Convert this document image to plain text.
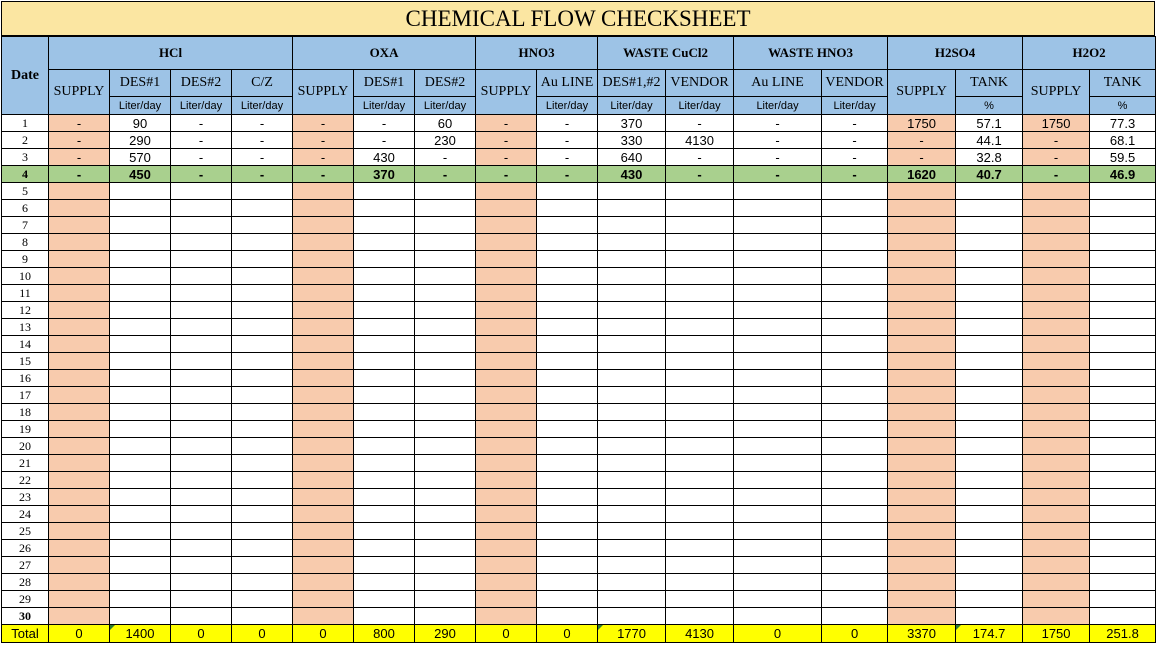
CHEMICAL FLOW CHECKSHEET
Date	HCl				OXA			HNO3		WASTE CuCl2		WASTE HNO3		H2SO4		H2O2	
	SUPPLY	DES#1	DES#2	C/Z	SUPPLY	DES#1	DES#2	SUPPLY	Au LINE	DES#1,#2	VENDOR	Au LINE	VENDOR	SUPPLY	TANK	SUPPLY	TANK
		Liter/day	Liter/day	Liter/day		Liter/day	Liter/day		Liter/day	Liter/day	Liter/day	Liter/day	Liter/day		%		%
1	-	90	-	-	-	-	60	-	-	370	-	-	-	1750	57.1	1750	77.3
2	-	290	-	-	-	-	230	-	-	330	4130	-	-	-	44.1	-	68.1
3	-	570	-	-	-	430	-	-	-	640	-	-	-	-	32.8	-	59.5
4	-	450	-	-	-	370	-	-	-	430	-	-	-	1620	40.7	-	46.9
5																	
6																	
7																	
8																	
9																	
10																	
11																	
12																	
13																	
14																	
15																	
16																	
17																	
18																	
19																	
20																	
21																	
22																	
23																	
24																	
25																	
26																	
27																	
28																	
29																	
30																	
Total	0	1400	0	0	0	800	290	0	0	1770	4130	0	0	3370	174.7	1750	251.8
